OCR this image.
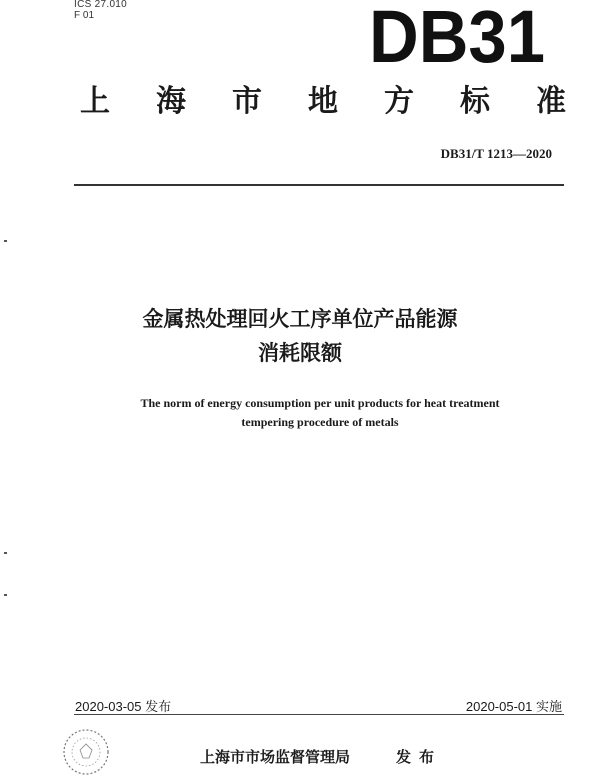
ICS 27.010
F 01	DB31
上 海 市 地 方 标 准
DB31/T 1213—2020
金属热处理回火工序单位产品能源
消耗限额
The norm of energy consumption per unit products for heat treatment
tempering procedure of metals
2020-03-05 发布	2020-05-01 实施
上海市市场监督管理局	发布
